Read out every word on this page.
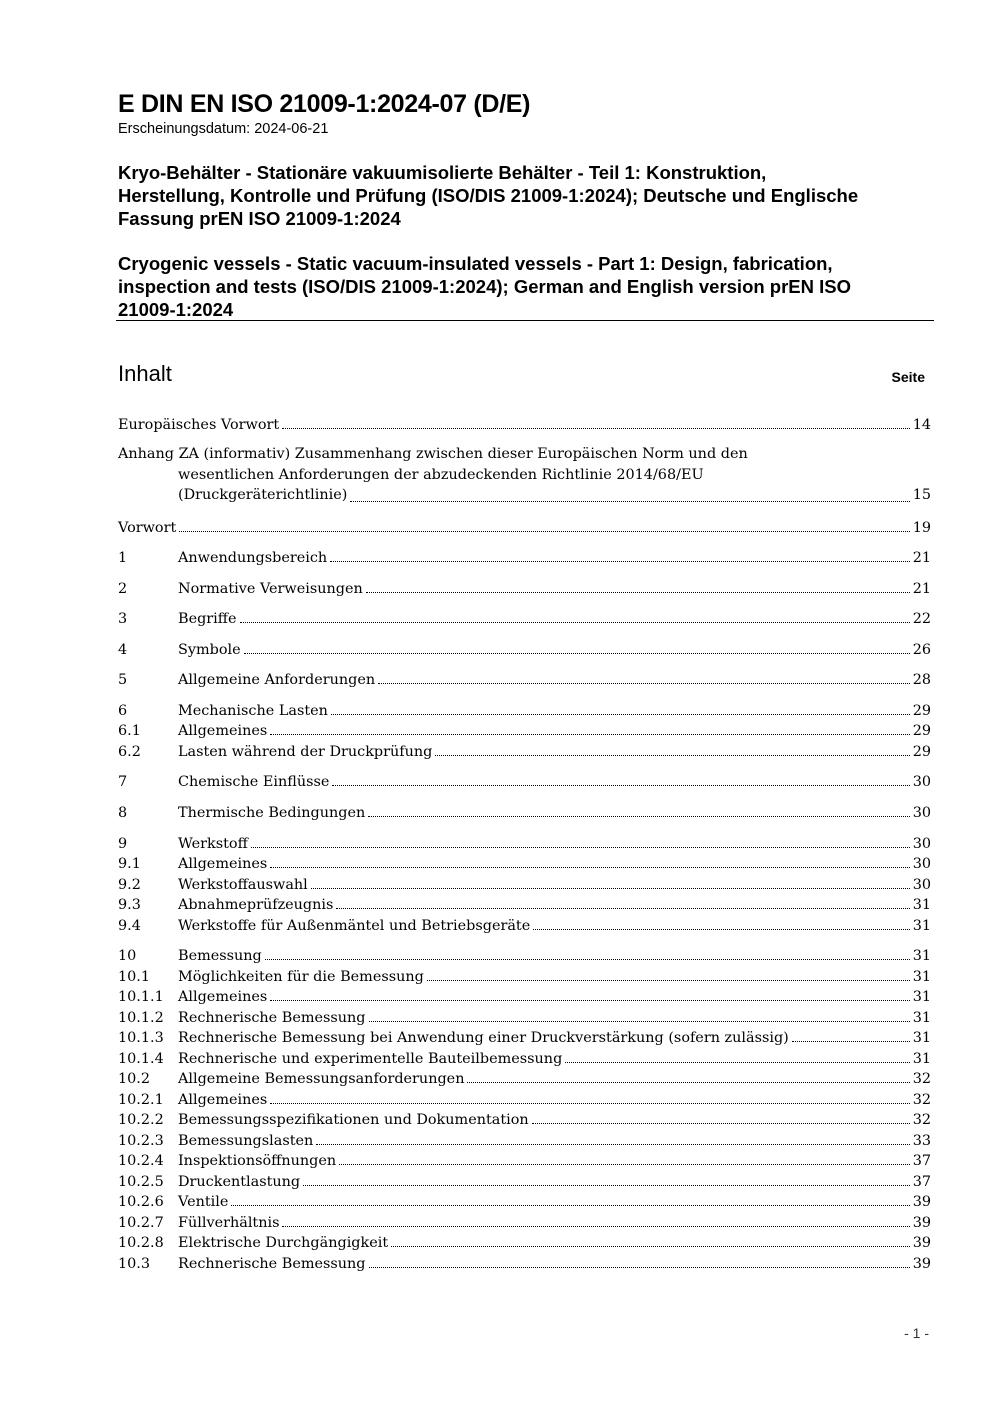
E DIN EN ISO 21009-1:2024-07 (D/E)
Erscheinungsdatum: 2024-06-21
Kryo-Behälter - Stationäre vakuumisolierte Behälter - Teil 1: Konstruktion,
Herstellung, Kontrolle und Prüfung (ISO/DIS 21009-1:2024); Deutsche und Englische
Fassung prEN ISO 21009-1:2024
Cryogenic vessels - Static vacuum-insulated vessels - Part 1: Design, fabrication,
inspection and tests (ISO/DIS 21009-1:2024); German and English version prEN ISO
21009-1:2024
Inhalt	Seite
Europäisches Vorwort	14
Anhang ZA (informativ) Zusammenhang zwischen dieser Europäischen Norm und den
wesentlichen Anforderungen der abzudeckenden Richtlinie 2014/68/EU
(Druckgeräterichtlinie)	15
Vorwort	19
1	Anwendungsbereich	21
2	Normative Verweisungen	21
3	Begriffe	22
4	Symbole	26
5	Allgemeine Anforderungen	28
6	Mechanische Lasten	29
6.1	Allgemeines	29
6.2	Lasten während der Druckprüfung	29
7	Chemische Einflüsse	30
8	Thermische Bedingungen	30
9	Werkstoff	30
9.1	Allgemeines	30
9.2	Werkstoffauswahl	30
9.3	Abnahmeprüfzeugnis	31
9.4	Werkstoffe für Außenmäntel und Betriebsgeräte	31
10	Bemessung	31
10.1	Möglichkeiten für die Bemessung	31
10.1.1 Allgemeines	31
10.1.2 Rechnerische Bemessung	31
10.1.3 Rechnerische Bemessung bei Anwendung einer Druckverstärkung (sofern zulässig)	31
10.1.4 Rechnerische und experimentelle Bauteilbemessung	31
10.2	Allgemeine Bemessungsanforderungen	32
10.2.1 Allgemeines	32
10.2.2 Bemessungsspezifikationen und Dokumentation	32
10.2.3 Bemessungslasten	33
10.2.4 Inspektionsöffnungen	37
10.2.5 Druckentlastung	37
10.2.6 Ventile	39
10.2.7 Füllverhältnis	39
10.2.8 Elektrische Durchgängigkeit	39
10.3	Rechnerische Bemessung	39
- 1 -
